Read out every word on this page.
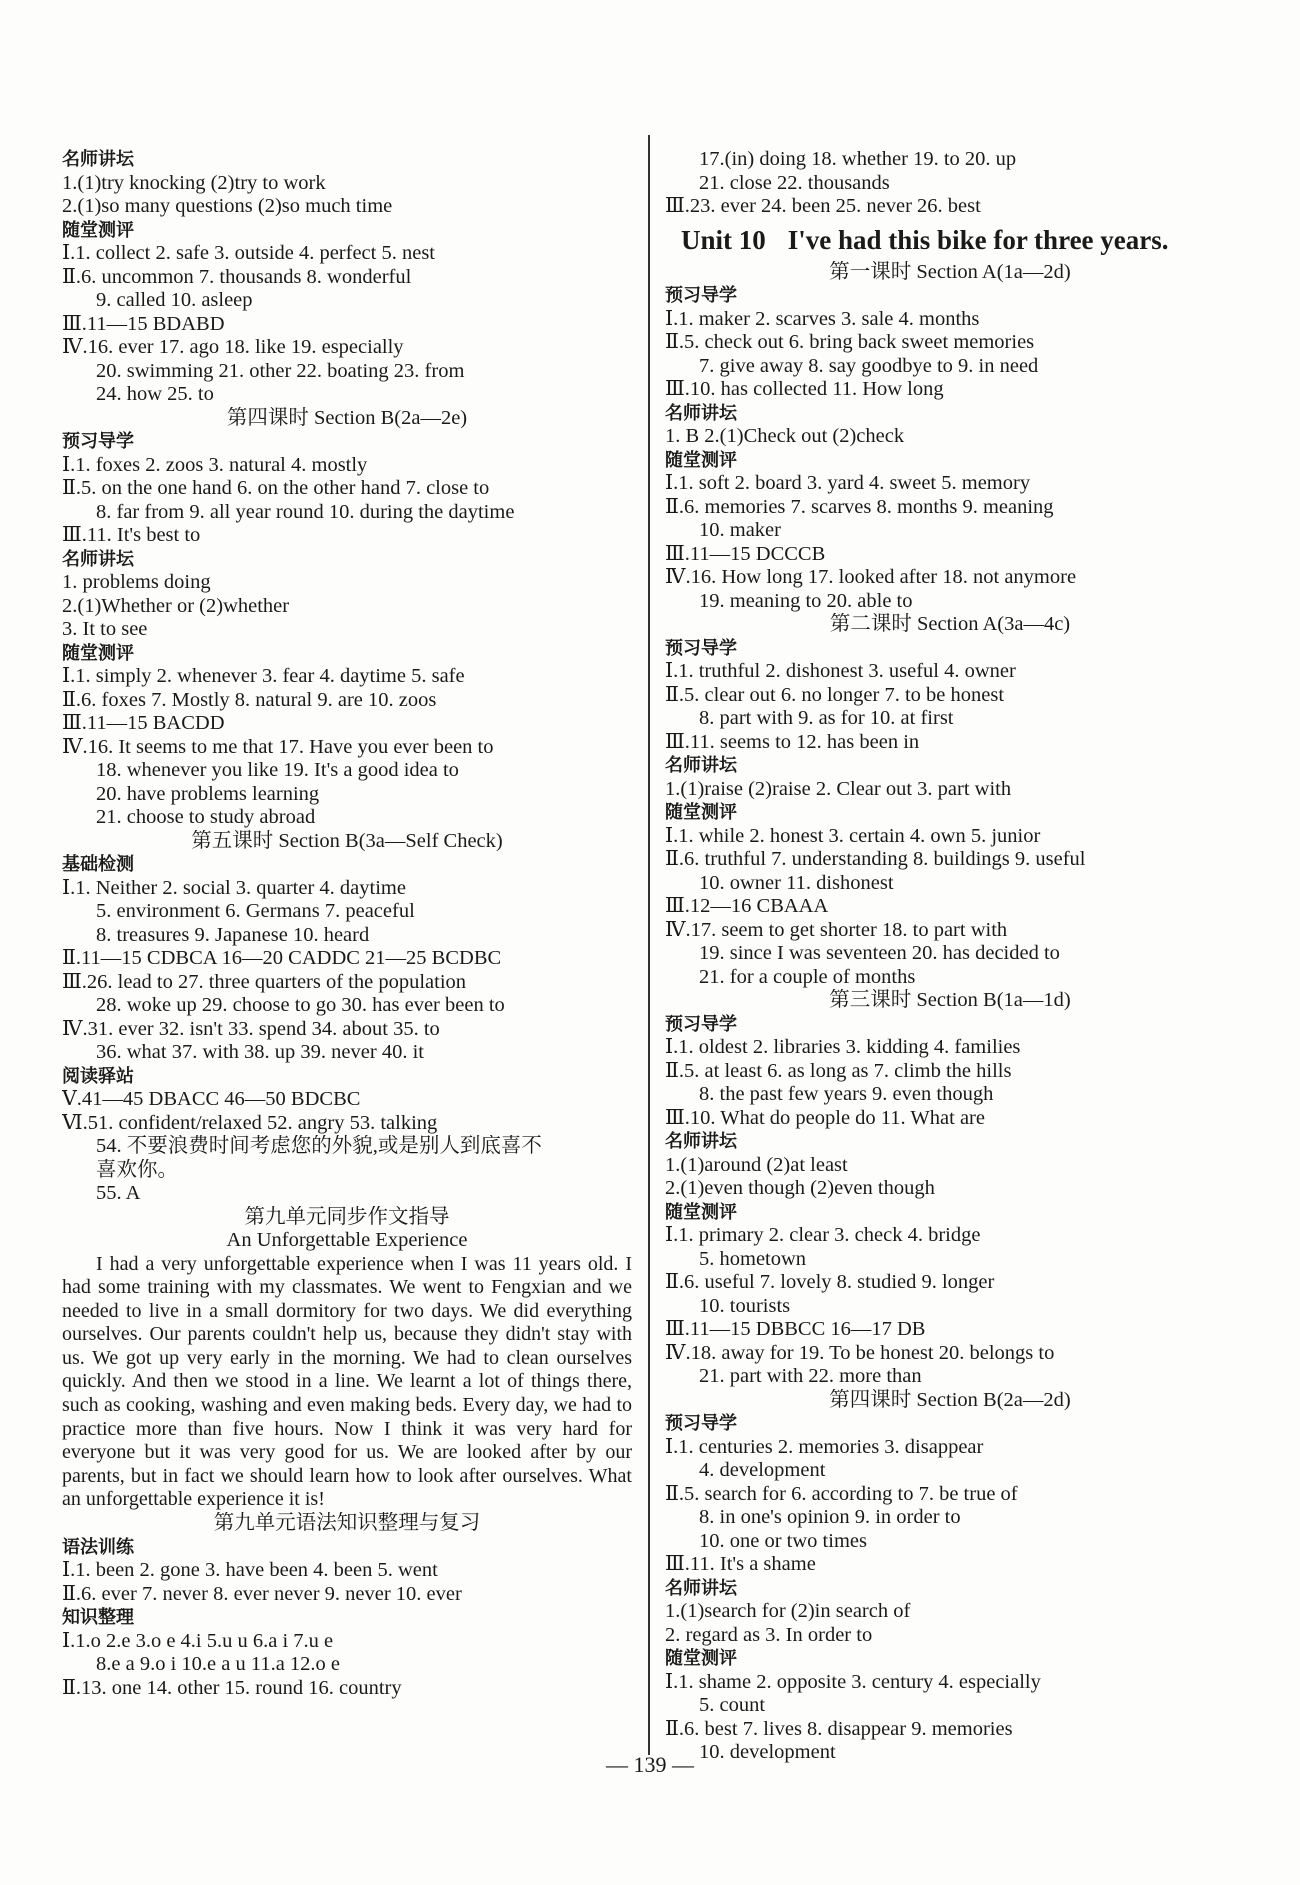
名师讲坛
1.(1)try knocking (2)try to work
2.(1)so many questions (2)so much time
随堂测评
Ⅰ.1. collect 2. safe 3. outside 4. perfect 5. nest
Ⅱ.6. uncommon 7. thousands 8. wonderful
9. called 10. asleep
Ⅲ.11—15 BDABD
Ⅳ.16. ever 17. ago 18. like 19. especially
20. swimming 21. other 22. boating 23. from
24. how 25. to
第四课时 Section B(2a—2e)
预习导学
Ⅰ.1. foxes 2. zoos 3. natural 4. mostly
Ⅱ.5. on the one hand 6. on the other hand 7. close to
8. far from 9. all year round 10. during the daytime
Ⅲ.11. It's best to
名师讲坛
1. problems doing
2.(1)Whether or (2)whether
3. It to see
随堂测评
Ⅰ.1. simply 2. whenever 3. fear 4. daytime 5. safe
Ⅱ.6. foxes 7. Mostly 8. natural 9. are 10. zoos
Ⅲ.11—15 BACDD
Ⅳ.16. It seems to me that 17. Have you ever been to
18. whenever you like 19. It's a good idea to
20. have problems learning
21. choose to study abroad
第五课时 Section B(3a—Self Check)
基础检测
Ⅰ.1. Neither 2. social 3. quarter 4. daytime
5. environment 6. Germans 7. peaceful
8. treasures 9. Japanese 10. heard
Ⅱ.11—15 CDBCA 16—20 CADDC 21—25 BCDBC
Ⅲ.26. lead to 27. three quarters of the population
28. woke up 29. choose to go 30. has ever been to
Ⅳ.31. ever 32. isn't 33. spend 34. about 35. to
36. what 37. with 38. up 39. never 40. it
阅读驿站
Ⅴ.41—45 DBACC 46—50 BDCBC
Ⅵ.51. confident/relaxed 52. angry 53. talking
54. 不要浪费时间考虑您的外貌,或是别人到底喜不
喜欢你。
55. A
第九单元同步作文指导
An Unforgettable Experience

I had a very unforgettable experience when I was 11 years old. I had some training with my classmates. We went to Fengxian and we needed to live in a small dormitory for two days. We did everything ourselves. Our parents couldn't help us, because they didn't stay with us. We got up very early in the morning. We had to clean ourselves quickly. And then we stood in a line. We learnt a lot of things there, such as cooking, washing and even making beds. Every day, we had to practice more than five hours. Now I think it was very hard for everyone but it was very good for us. We are looked after by our parents, but in fact we should learn how to look after ourselves. What an unforgettable experience it is!

第九单元语法知识整理与复习
语法训练
Ⅰ.1. been 2. gone 3. have been 4. been 5. went
Ⅱ.6. ever 7. never 8. ever never 9. never 10. ever
知识整理
Ⅰ.1.o 2.e 3.o e 4.i 5.u u 6.a i 7.u e
8.e a 9.o i 10.e a u 11.a 12.o e
Ⅱ.13. one 14. other 15. round 16. country
17.(in) doing 18. whether 19. to 20. up
21. close 22. thousands
Ⅲ.23. ever 24. been 25. never 26. best
Unit 10 I've had this bike for three years.
第一课时 Section A(1a—2d)
预习导学
Ⅰ.1. maker 2. scarves 3. sale 4. months
Ⅱ.5. check out 6. bring back sweet memories
7. give away 8. say goodbye to 9. in need
Ⅲ.10. has collected 11. How long
名师讲坛
1. B 2.(1)Check out (2)check
随堂测评
Ⅰ.1. soft 2. board 3. yard 4. sweet 5. memory
Ⅱ.6. memories 7. scarves 8. months 9. meaning
10. maker
Ⅲ.11—15 DCCCB
Ⅳ.16. How long 17. looked after 18. not anymore
19. meaning to 20. able to
第二课时 Section A(3a—4c)
预习导学
Ⅰ.1. truthful 2. dishonest 3. useful 4. owner
Ⅱ.5. clear out 6. no longer 7. to be honest
8. part with 9. as for 10. at first
Ⅲ.11. seems to 12. has been in
名师讲坛
1.(1)raise (2)raise 2. Clear out 3. part with
随堂测评
Ⅰ.1. while 2. honest 3. certain 4. own 5. junior
Ⅱ.6. truthful 7. understanding 8. buildings 9. useful
10. owner 11. dishonest
Ⅲ.12—16 CBAAA
Ⅳ.17. seem to get shorter 18. to part with
19. since I was seventeen 20. has decided to
21. for a couple of months
第三课时 Section B(1a—1d)
预习导学
Ⅰ.1. oldest 2. libraries 3. kidding 4. families
Ⅱ.5. at least 6. as long as 7. climb the hills
8. the past few years 9. even though
Ⅲ.10. What do people do 11. What are
名师讲坛
1.(1)around (2)at least
2.(1)even though (2)even though
随堂测评
Ⅰ.1. primary 2. clear 3. check 4. bridge
5. hometown
Ⅱ.6. useful 7. lovely 8. studied 9. longer
10. tourists
Ⅲ.11—15 DBBCC 16—17 DB
Ⅳ.18. away for 19. To be honest 20. belongs to
21. part with 22. more than
第四课时 Section B(2a—2d)
预习导学
Ⅰ.1. centuries 2. memories 3. disappear
4. development
Ⅱ.5. search for 6. according to 7. be true of
8. in one's opinion 9. in order to
10. one or two times
Ⅲ.11. It's a shame
名师讲坛
1.(1)search for (2)in search of
2. regard as 3. In order to
随堂测评
Ⅰ.1. shame 2. opposite 3. century 4. especially
5. count
Ⅱ.6. best 7. lives 8. disappear 9. memories
10. development
— 139 —
